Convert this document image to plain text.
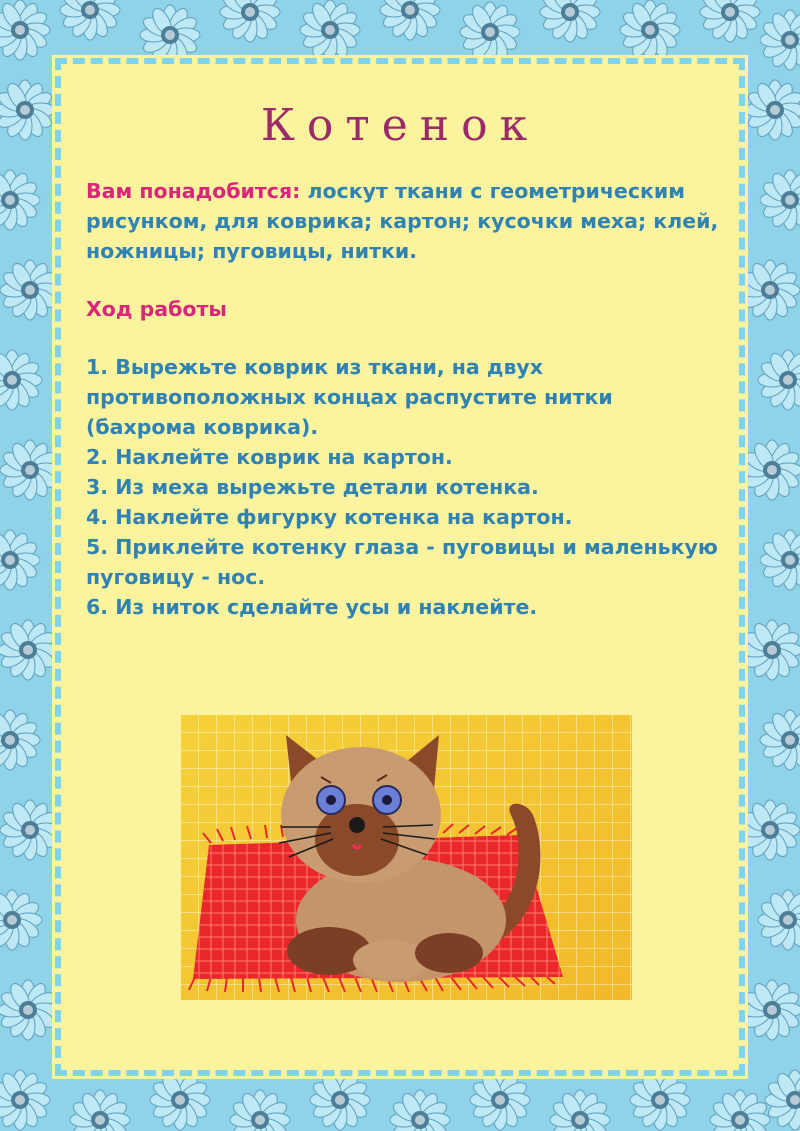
Котенок
Вам понадобится: лоскут ткани с геометрическим рисунком, для коврика; картон; кусочки меха; клей, ножницы; пуговицы, нитки.
Ход работы
1. Вырежьте коврик из ткани, на двух противоположных концах распустите нитки (бахрома коврика).
2. Наклейте коврик на картон.
3. Из меха вырежьте детали котенка.
4. Наклейте фигурку котенка на картон.
5. Приклейте котенку глаза - пуговицы и маленькую пуговицу - нос.
6. Из ниток сделайте усы и наклейте.
